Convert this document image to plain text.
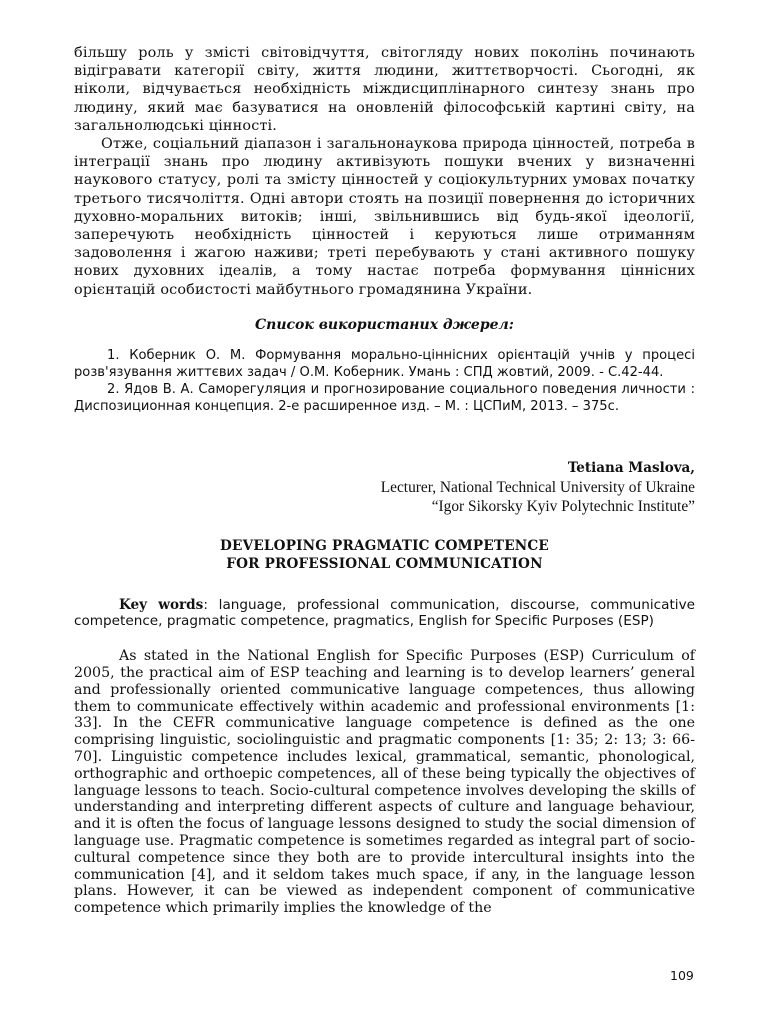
більшу роль у змісті світовідчуття, світогляду нових поколінь починають відігравати категорії світу, життя людини, життєтворчості. Сьогодні, як ніколи, відчувається необхідність міждисциплінарного синтезу знань про людину, який має базуватися на оновленій філософській картині світу, на загальнолюдські цінності.

Отже, соціальний діапазон і загальнонаукова природа цінностей, потреба в інтеграції знань про людину активізують пошуки вчених у визначенні наукового статусу, ролі та змісту цінностей у соціокультурних умовах початку третього тисячоліття. Одні автори стоять на позиції повернення до історичних духовно-моральних витоків; інші, звільнившись від будь-якої ідеології, заперечують необхідність цінностей і керуються лише отриманням задоволення і жагою наживи; треті перебувають у стані активного пошуку нових духовних ідеалів, а тому настає потреба формування ціннісних орієнтацій особистості майбутнього громадянина України.

Список використаних джерел:

1. Коберник О. М. Формування морально-ціннісних орієнтацій учнів у процесі розв'язування життєвих задач / О.М. Коберник. Умань : СПД жовтий, 2009. - С.42-44.
2. Ядов В. А. Саморегуляция и прогнозирование социального поведения личности : Диспозиционная концепция. 2-е расширенное изд. – М. : ЦСПиМ, 2013. – 375с.
Tetiana Maslova,
Lecturer, National Technical University of Ukraine
“Igor Sikorsky Kyiv Polytechnic Institute”
DEVELOPING PRAGMATIC COMPETENCE
FOR PROFESSIONAL COMMUNICATION

Key words: language, professional communication, discourse, communicative competence, pragmatic competence, pragmatics, English for Specific Purposes (ESP)

As stated in the National English for Specific Purposes (ESP) Curriculum of 2005, the practical aim of ESP teaching and learning is to develop learners’ general and professionally oriented communicative language competences, thus allowing them to communicate effectively within academic and professional environments [1: 33]. In the CEFR communicative language competence is defined as the one comprising linguistic, sociolinguistic and pragmatic components [1: 35; 2: 13; 3: 66-70]. Linguistic competence includes lexical, grammatical, semantic, phonological, orthographic and orthoepic competences, all of these being typically the objectives of language lessons to teach. Socio-cultural competence involves developing the skills of understanding and interpreting different aspects of culture and language behaviour, and it is often the focus of language lessons designed to study the social dimension of language use. Pragmatic competence is sometimes regarded as integral part of socio-cultural competence since they both are to provide intercultural insights into the communication [4], and it seldom takes much space, if any, in the language lesson plans. However, it can be viewed as independent component of communicative competence which primarily implies the knowledge of the

109
